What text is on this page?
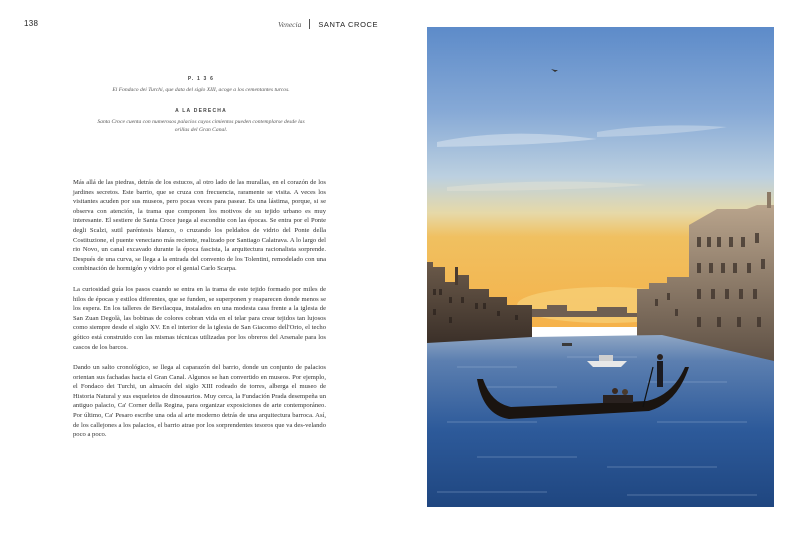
138	Venecia SANTA CROCE

P. 1 3 6

El Fondaco dei Turchi, que data del siglo XIII, acoge a los cementantes turcos.

A LA DERECHA

Santa Croce cuenta con numerosos palacios cuyos cimientos pueden contemplarse desde las orillas del Gran Canal.

Más allá de las piedras, detrás de los estucos, al otro lado de las murallas, en el corazón de los jardines secretos. Este barrio, que se cruza con frecuencia, raramente se visita. A veces los visitantes acuden por sus museos, pero pocas veces para pasear. Es una lástima, porque, si se observa con atención, la trama que componen los motivos de su tejido urbano es muy interesante. El sestiere de Santa Croce juega al escondite con las épocas. Se entra por el Ponte degli Scalzi, sutil paréntesis blanco, o cruzando los peldaños de vidrio del Ponte della Costituzione, el puente veneciano más reciente, realizado por Santiago Calatrava. A lo largo del rio Novo, un canal excavado durante la época fascista, la arquitectura racionalista sorprende. Después de una curva, se llega a la entrada del convento de los Tolentini, remodelado con una combinación de hormigón y vidrio por el genial Carlo Scarpa.

La curiosidad guía los pasos cuando se entra en la trama de este tejido formado por miles de hilos de épocas y estilos diferentes, que se funden, se superponen y reaparecen donde menos se los espera. En los talleres de Bevilacqua, instalados en una modesta casa frente a la iglesia de San Zuan Degolà, las bobinas de colores cobran vida en el telar para crear tejidos tan lujosos como siempre desde el siglo XV. En el interior de la iglesia de San Giacomo dell'Orio, el techo gótico está construido con las mismas técnicas utilizadas por los obreros del Arsenale para los cascos de los barcos.

Dando un salto cronológico, se llega al caparazón del barrio, donde un conjunto de palacios orientan sus fachadas hacia el Gran Canal. Algunos se han convertido en museos. Por ejemplo, el Fondaco dei Turchi, un almacén del siglo XIII rodeado de torres, alberga el museo de Historia Natural y sus esqueletos de dinosaurios. Muy cerca, la Fundación Prada desempeña un antiguo palacio, Ca' Corner della Regina, para organizar exposiciones de arte contemporáneo. Por último, Ca' Pesaro escribe una oda al arte moderno detrás de una arquitectura barroca. Así, de los callejones a los palacios, el barrio atrae por los sorprendentes tesoros que va des-velando poco a poco.
